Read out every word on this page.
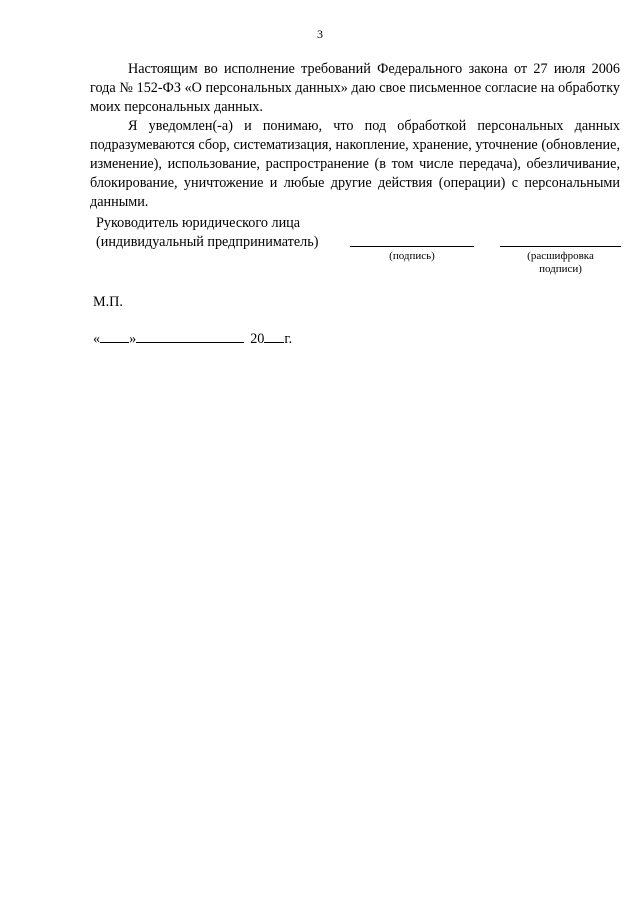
3

Настоящим во исполнение требований Федерального закона от 27 июля 2006 года № 152-ФЗ «О персональных данных» даю свое письменное согласие на обработку моих персональных данных.

Я уведомлен(-а) и понимаю, что под обработкой персональных данных подразумеваются сбор, систематизация, накопление, хранение, уточнение (обновление, изменение), использование, распространение (в том числе передача), обезличивание, блокирование, уничтожение и любые другие действия (операции) с персональными данными.

Руководитель юридического лица

(индивидуальный предприниматель)

(подпись)	(расшифровка
подписи)
М.П.
« »	20 г.
